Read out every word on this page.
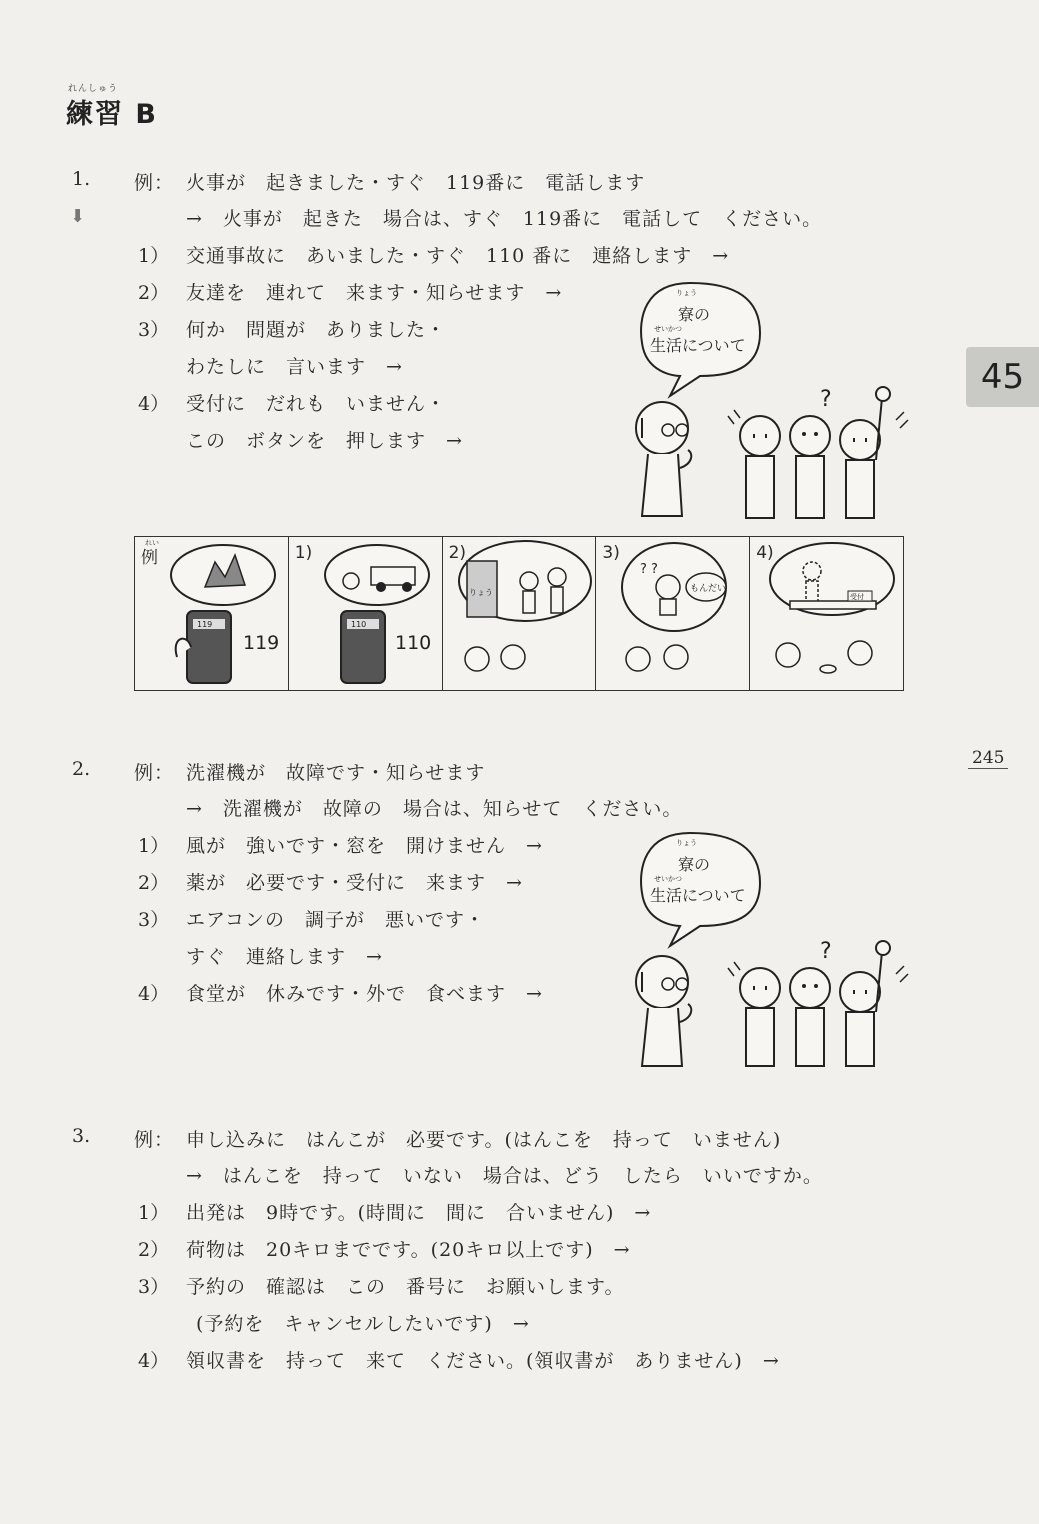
れんしゅう
練習 B
45
245
1. 例： 火事が　起きました・すぐ　119番に　電話します
⬇	→　火事が　起きた　場合は、すぐ　119番に　電話して　ください。
1） 交通事故に　あいました・すぐ　110 番に　連絡します　→
2） 友達を　連れて　来ます・知らせます　→
3） 何か　問題が　ありました・
わたしに　言います　→
4） 受付に　だれも　いません・
この　ボタンを　押します　→
?
りょう
寮の
せいかつ
生活について
れい
例
119
119
1)
110
110
2)
りょう
3)
? ?
もんだい
4)
受付
2. 例： 洗濯機が　故障です・知らせます
→　洗濯機が　故障の　場合は、知らせて　ください。
1） 風が　強いです・窓を　開けません　→
2） 薬が　必要です・受付に　来ます　→
3） エアコンの　調子が　悪いです・
すぐ　連絡します　→
4） 食堂が　休みです・外で　食べます　→
?
りょう
寮の
せいかつ
生活について
3. 例： 申し込みに　はんこが　必要です。(はんこを　持って　いません)
→　はんこを　持って　いない　場合は、どう　したら　いいですか。
1） 出発は　9時です。(時間に　間に　合いません)　→
2） 荷物は　20キロまでです。(20キロ以上です)　→
3） 予約の　確認は　この　番号に　お願いします。
(予約を　キャンセルしたいです)　→
4） 領収書を　持って　来て　ください。(領収書が　ありません)　→
